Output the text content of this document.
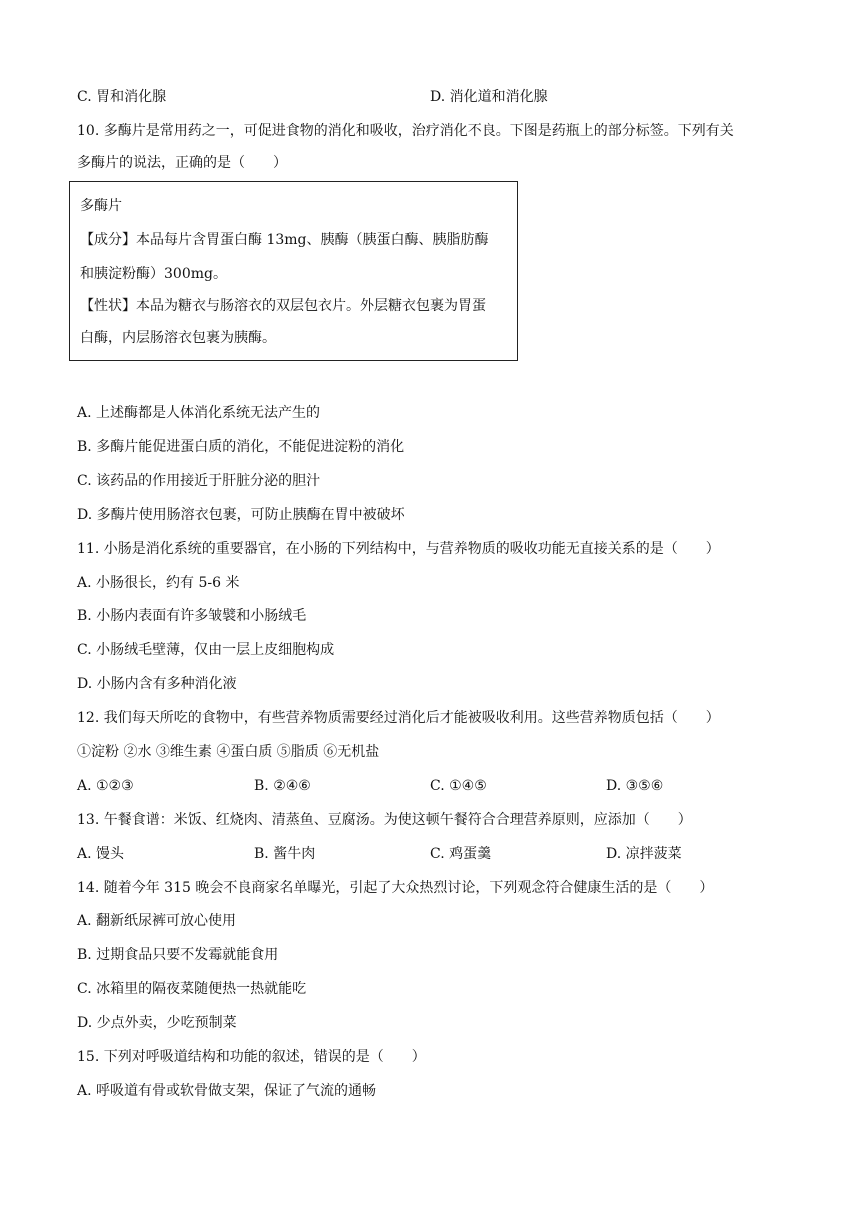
C. 胃和消化腺	D. 消化道和消化腺
10. 多酶片是常用药之一，可促进食物的消化和吸收，治疗消化不良。下图是药瓶上的部分标签。下列有关
多酶片的说法，正确的是（　　）
多酶片
【成分】本品每片含胃蛋白酶 13mg、胰酶（胰蛋白酶、胰脂肪酶
和胰淀粉酶）300mg。
【性状】本品为糖衣与肠溶衣的双层包衣片。外层糖衣包裹为胃蛋
白酶，内层肠溶衣包裹为胰酶。
A. 上述酶都是人体消化系统无法产生的
B. 多酶片能促进蛋白质的消化，不能促进淀粉的消化
C. 该药品的作用接近于肝脏分泌的胆汁
D. 多酶片使用肠溶衣包裹，可防止胰酶在胃中被破坏
11. 小肠是消化系统的重要器官，在小肠的下列结构中，与营养物质的吸收功能无直接关系的是（　　）
A. 小肠很长，约有 5-6 米
B. 小肠内表面有许多皱襞和小肠绒毛
C. 小肠绒毛壁薄，仅由一层上皮细胞构成
D. 小肠内含有多种消化液
12. 我们每天所吃的食物中，有些营养物质需要经过消化后才能被吸收利用。这些营养物质包括（　　）
①淀粉 ②水 ③维生素 ④蛋白质 ⑤脂质 ⑥无机盐
A. ①②③	B. ②④⑥	C. ①④⑤	D. ③⑤⑥
13. 午餐食谱：米饭、红烧肉、清蒸鱼、豆腐汤。为使这顿午餐符合合理营养原则，应添加（　　）
A. 馒头	B. 酱牛肉	C. 鸡蛋羹	D. 凉拌菠菜
14. 随着今年 315 晚会不良商家名单曝光，引起了大众热烈讨论，下列观念符合健康生活的是（　　）
A. 翻新纸尿裤可放心使用
B. 过期食品只要不发霉就能食用
C. 冰箱里的隔夜菜随便热一热就能吃
D. 少点外卖，少吃预制菜
15. 下列对呼吸道结构和功能的叙述，错误的是（　　）
A. 呼吸道有骨或软骨做支架，保证了气流的通畅
